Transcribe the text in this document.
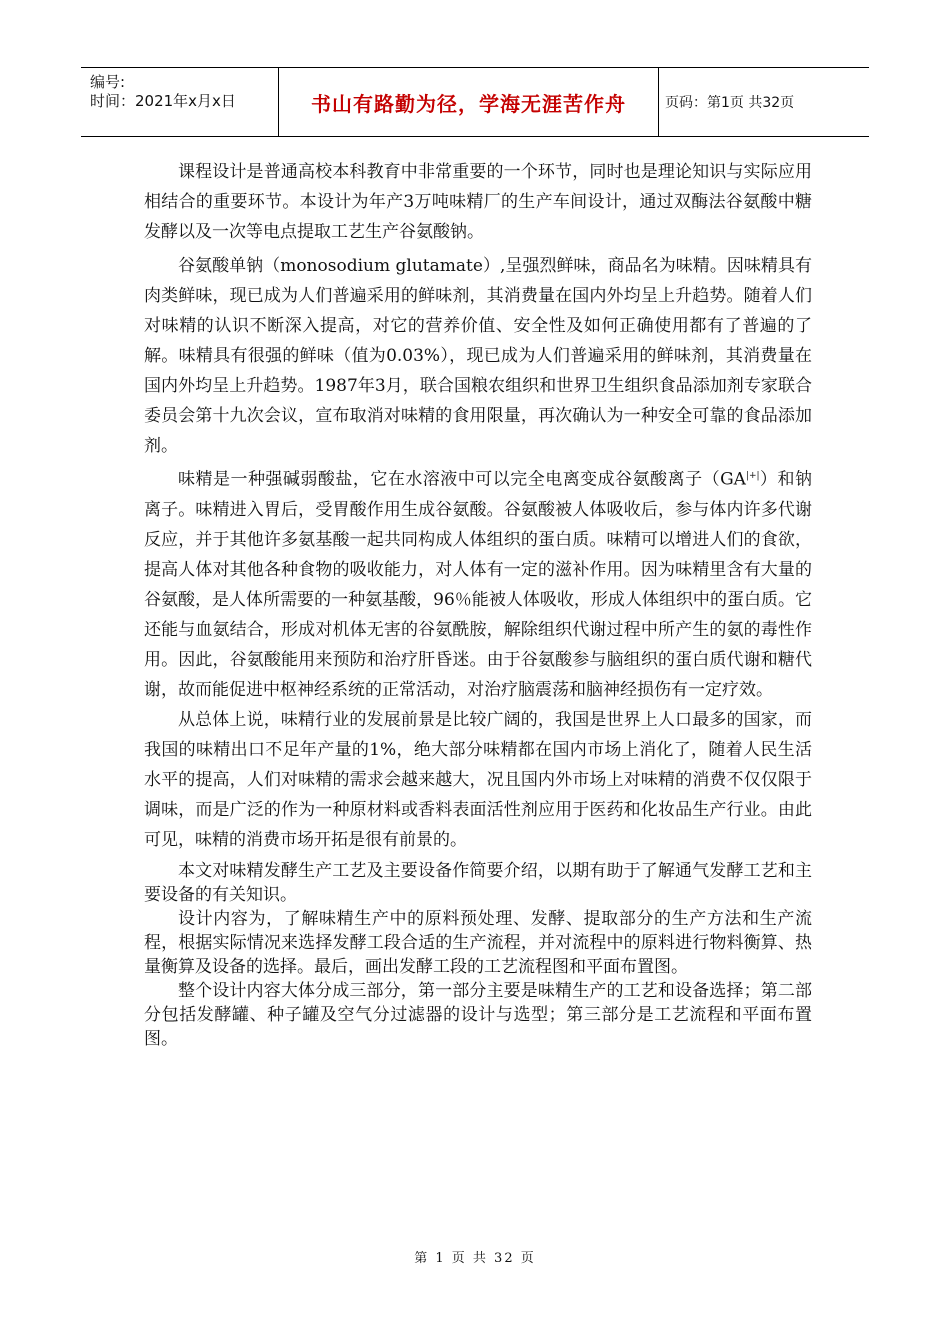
编号:
时间：2021年x月x日	书山有路勤为径，学海无涯苦作舟	页码：第1页 共32页

课程设计是普通高校本科教育中非常重要的一个环节，同时也是理论知识与实际应用相结合的重要环节。本设计为年产3万吨味精厂的生产车间设计，通过双酶法谷氨酸中糖发酵以及一次等电点提取工艺生产谷氨酸钠。

谷氨酸单钠（monosodium glutamate）,呈强烈鲜味，商品名为味精。因味精具有肉类鲜味，现已成为人们普遍采用的鲜味剂，其消费量在国内外均呈上升趋势。随着人们对味精的认识不断深入提高，对它的营养价值、安全性及如何正确使用都有了普遍的了解。味精具有很强的鲜味（值为0.03%），现已成为人们普遍采用的鲜味剂，其消费量在国内外均呈上升趋势。1987年3月，联合国粮农组织和世界卫生组织食品添加剂专家联合委员会第十九次会议，宣布取消对味精的食用限量，再次确认为一种安全可靠的食品添加剂。

味精是一种强碱弱酸盐，它在水溶液中可以完全电离变成谷氨酸离子（GA|+|）和钠离子。味精进入胃后，受胃酸作用生成谷氨酸。谷氨酸被人体吸收后，参与体内许多代谢反应，并于其他许多氨基酸一起共同构成人体组织的蛋白质。味精可以增进人们的食欲，提高人体对其他各种食物的吸收能力，对人体有一定的滋补作用。因为味精里含有大量的谷氨酸，是人体所需要的一种氨基酸，96％能被人体吸收，形成人体组织中的蛋白质。它还能与血氨结合，形成对机体无害的谷氨酰胺，解除组织代谢过程中所产生的氨的毒性作用。因此，谷氨酸能用来预防和治疗肝昏迷。由于谷氨酸参与脑组织的蛋白质代谢和糖代谢，故而能促进中枢神经系统的正常活动，对治疗脑震荡和脑神经损伤有一定疗效。

从总体上说，味精行业的发展前景是比较广阔的，我国是世界上人口最多的国家，而我国的味精出口不足年产量的1%，绝大部分味精都在国内市场上消化了，随着人民生活水平的提高，人们对味精的需求会越来越大，况且国内外市场上对味精的消费不仅仅限于调味，而是广泛的作为一种原材料或香料表面活性剂应用于医药和化妆品生产行业。由此可见，味精的消费市场开拓是很有前景的。

本文对味精发酵生产工艺及主要设备作简要介绍，以期有助于了解通气发酵工艺和主要设备的有关知识。

设计内容为，了解味精生产中的原料预处理、发酵、提取部分的生产方法和生产流程，根据实际情况来选择发酵工段合适的生产流程，并对流程中的原料进行物料衡算、热量衡算及设备的选择。最后，画出发酵工段的工艺流程图和平面布置图。

整个设计内容大体分成三部分，第一部分主要是味精生产的工艺和设备选择；第二部分包括发酵罐、种子罐及空气分过滤器的设计与选型；第三部分是工艺流程和平面布置图。

第 1 页 共 32 页
